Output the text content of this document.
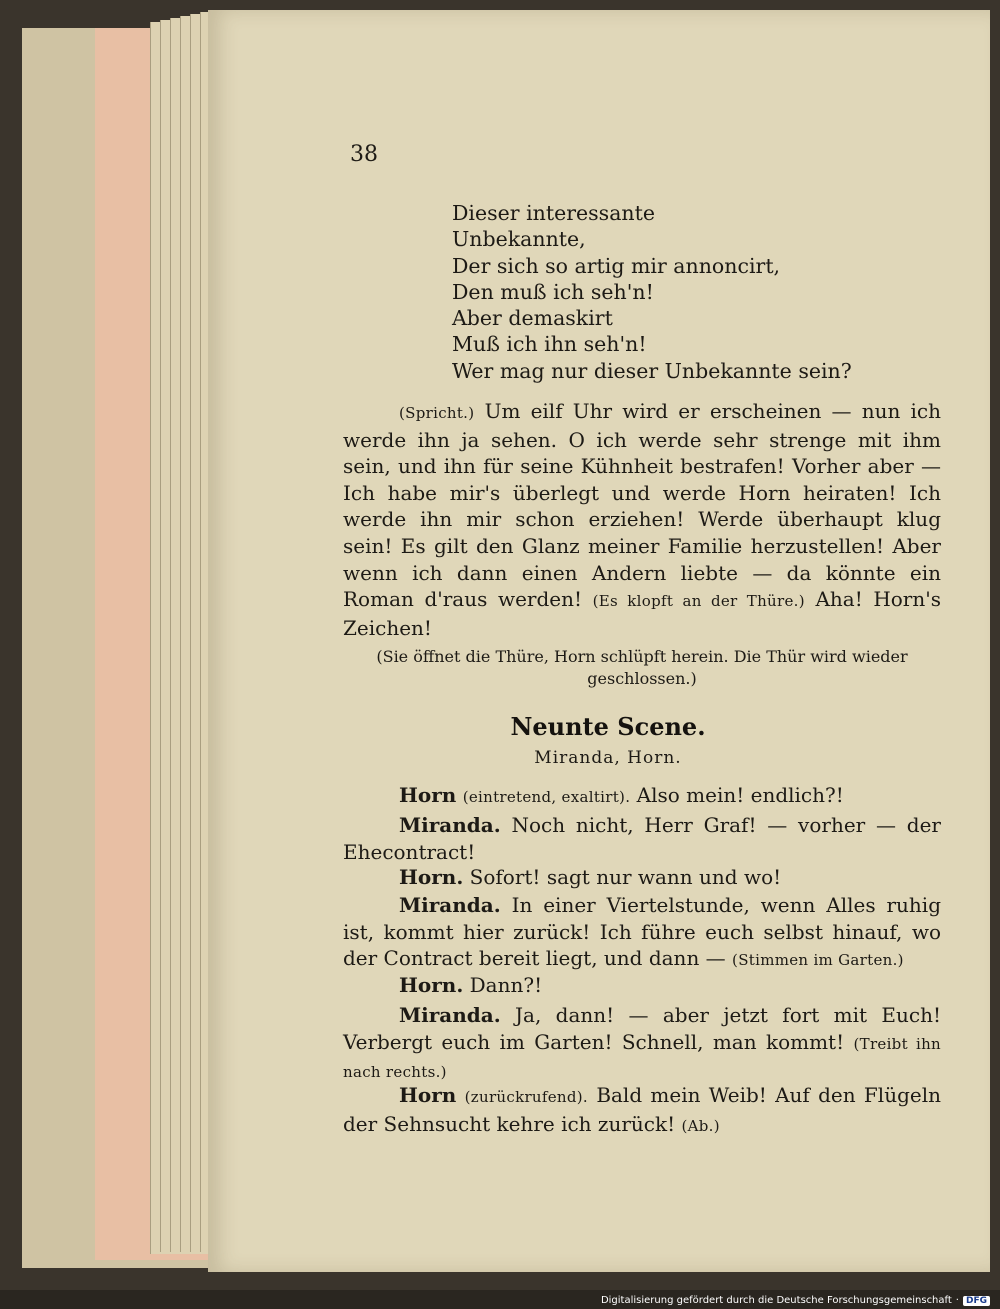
38
Dieser interessante
Unbekannte,
Der sich so artig mir annoncirt,
Den muß ich seh'n!
Aber demaskirt
Muß ich ihn seh'n!
Wer mag nur dieser Unbekannte sein?
(Spricht.) Um eilf Uhr wird er erscheinen — nun ich werde ihn ja sehen. O ich werde sehr strenge mit ihm sein, und ihn für seine Kühnheit bestrafen! Vorher aber — Ich habe mir's überlegt und werde Horn heiraten! Ich werde ihn mir schon erziehen! Werde überhaupt klug sein! Es gilt den Glanz meiner Familie herzustellen! Aber wenn ich dann einen Andern liebte — da könnte ein Roman d'raus werden! (Es klopft an der Thüre.) Aha! Horn's Zeichen!
(Sie öffnet die Thüre, Horn schlüpft herein. Die Thür wird wieder geschlossen.)
Neunte Scene.
Miranda, Horn.
Horn (eintretend, exaltirt). Also mein! endlich?!
Miranda. Noch nicht, Herr Graf! — vorher — der Ehecontract!
Horn. Sofort! sagt nur wann und wo!
Miranda. In einer Viertelstunde, wenn Alles ruhig ist, kommt hier zurück! Ich führe euch selbst hinauf, wo der Contract bereit liegt, und dann — (Stimmen im Garten.)
Horn. Dann?!
Miranda. Ja, dann! — aber jetzt fort mit Euch! Verbergt euch im Garten! Schnell, man kommt! (Treibt ihn nach rechts.)
Horn (zurückrufend). Bald mein Weib! Auf den Flügeln der Sehnsucht kehre ich zurück! (Ab.)
Digitalisierung gefördert durch die Deutsche Forschungsgemeinschaft · DFG
